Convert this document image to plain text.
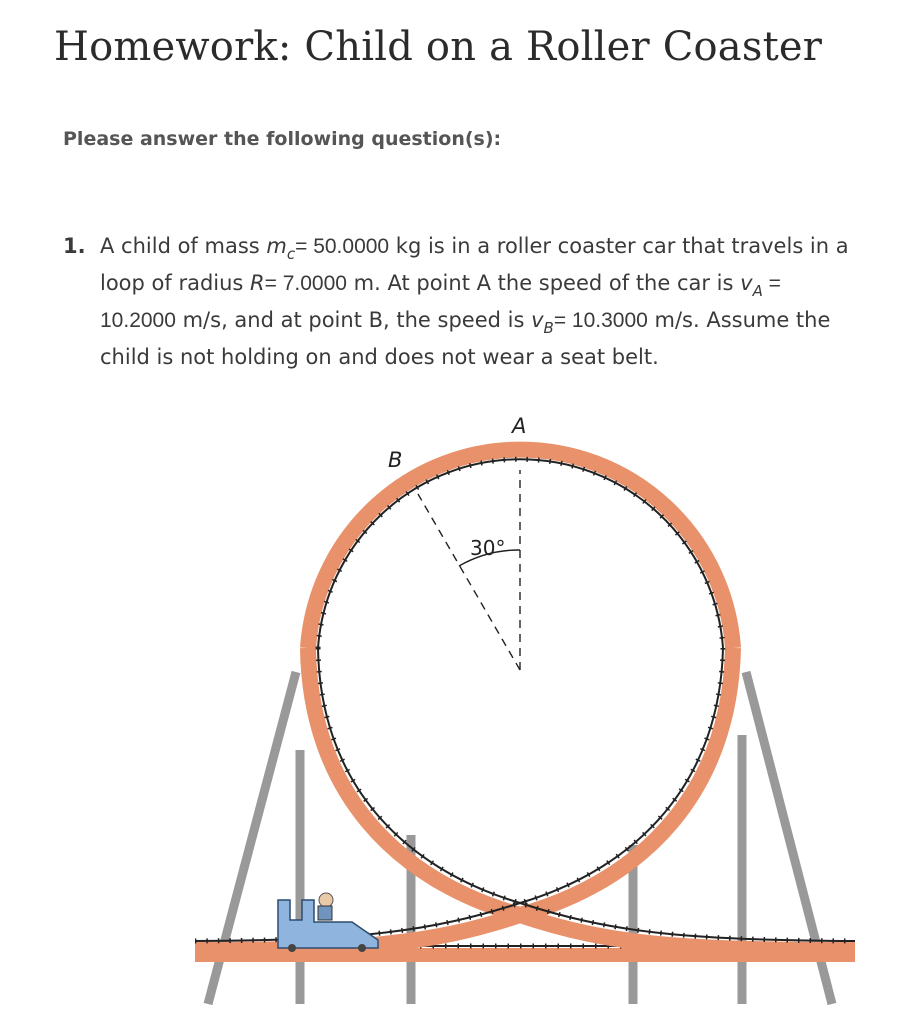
Homework: Child on a Roller Coaster
Please answer the following question(s):
1. A child of mass $m_c= 50.0000$ kg is in a roller coaster car that travels in a
loop of radius R= 7.0000 m. At point A the speed of the car is $v_A$ =
10.2000 m/s, and at point B, the speed is $v_B= 10.3000$ m/s. Assume the
child is not holding on and does not wear a seat belt.
A
B
30°
